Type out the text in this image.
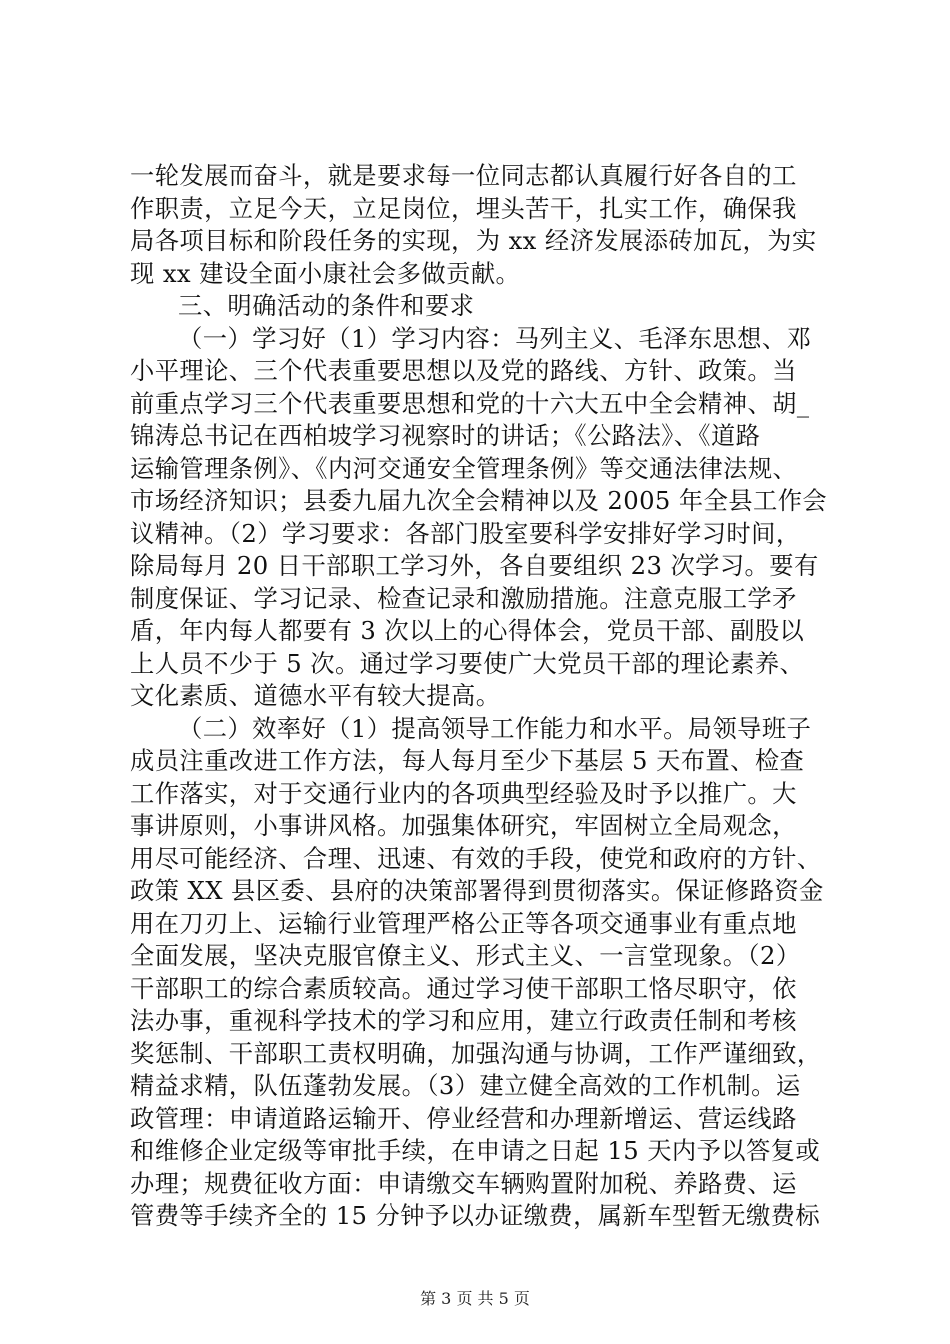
一轮发展而奋斗，就是要求每一位同志都认真履行好各自的工
作职责，立足今天，立足岗位，埋头苦干，扎实工作，确保我
局各项目标和阶段任务的实现，为 xx 经济发展添砖加瓦，为实
现 xx 建设全面小康社会多做贡献。
三、明确活动的条件和要求
（一）学习好（1）学习内容：马列主义、毛泽东思想、邓
小平理论、三个代表重要思想以及党的路线、方针、政策。当
前重点学习三个代表重要思想和党的十六大五中全会精神、胡_
锦涛总书记在西柏坡学习视察时的讲话；《公路法》、《道路
运输管理条例》、《内河交通安全管理条例》等交通法律法规、
市场经济知识；县委九届九次全会精神以及 2005 年全县工作会
议精神。（2）学习要求：各部门股室要科学安排好学习时间，
除局每月 20 日干部职工学习外，各自要组织 23 次学习。要有
制度保证、学习记录、检查记录和激励措施。注意克服工学矛
盾，年内每人都要有 3 次以上的心得体会，党员干部、副股以
上人员不少于 5 次。通过学习要使广大党员干部的理论素养、
文化素质、道德水平有较大提高。
（二）效率好（1）提高领导工作能力和水平。局领导班子
成员注重改进工作方法，每人每月至少下基层 5 天布置、检查
工作落实，对于交通行业内的各项典型经验及时予以推广。大
事讲原则，小事讲风格。加强集体研究，牢固树立全局观念，
用尽可能经济、合理、迅速、有效的手段，使党和政府的方针、
政策 XX 县区委、县府的决策部署得到贯彻落实。保证修路资金
用在刀刃上、运输行业管理严格公正等各项交通事业有重点地
全面发展，坚决克服官僚主义、形式主义、一言堂现象。（2）
干部职工的综合素质较高。通过学习使干部职工恪尽职守，依
法办事，重视科学技术的学习和应用，建立行政责任制和考核
奖惩制、干部职工责权明确，加强沟通与协调，工作严谨细致，
精益求精，队伍蓬勃发展。（3）建立健全高效的工作机制。运
政管理：申请道路运输开、停业经营和办理新增运、营运线路
和维修企业定级等审批手续，在申请之日起 15 天内予以答复或
办理；规费征收方面：申请缴交车辆购置附加税、养路费、运
管费等手续齐全的 15 分钟予以办证缴费，属新车型暂无缴费标
第 3 页 共 5 页
